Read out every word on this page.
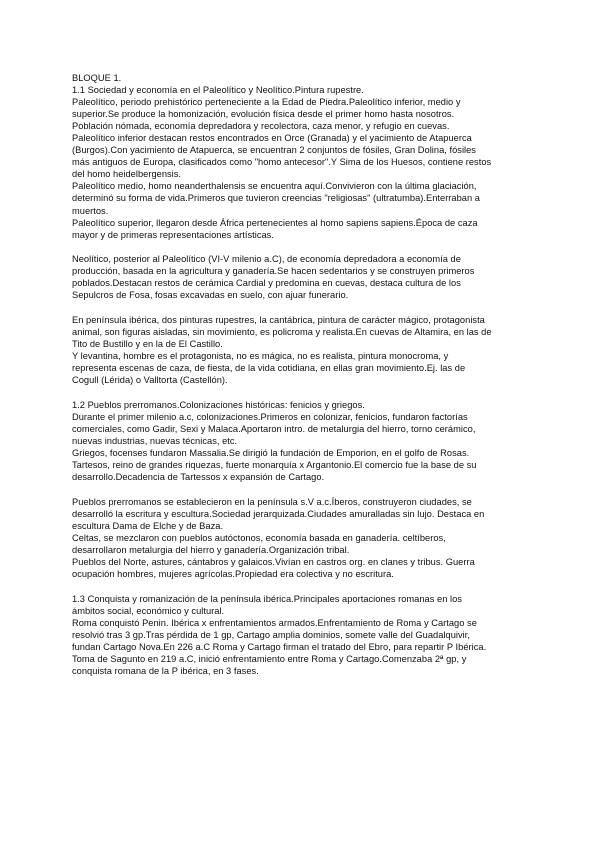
BLOQUE 1.
1.1 Sociedad y economía en el Paleolítico y Neolítico.Pintura rupestre.
Paleolítico, periodo prehistórico perteneciente a la Edad de Piedra.Paleolítico inferior, medio y
superior.Se produce la homonización, evolución física desde el primer homo hasta nosotros.
Población nómada, economía depredadora y recolectora, caza menor, y refugio en cuevas.
Paleolítico inferior destacan restos encontrados en Orce (Granada) y el yacimiento de Atapuerca
(Burgos).Con yacimiento de Atapuerca, se encuentran 2 conjuntos de fósiles, Gran Dolina, fósiles
más antiguos de Europa, clasificados como "homo antecesor".Y Sima de los Huesos, contiene restos
del homo heidelbergensis.
Paleolítico medio, homo neanderthalensis se encuentra aquí.Convivieron con la última glaciación,
determinó su forma de vida.Primeros que tuvieron creencias "religiosas" (ultratumba).Enterraban a
muertos.
Paleolítico superior, llegaron desde África pertenecientes al homo sapiens sapiens.Época de caza
mayor y de primeras representaciones artísticas.
Neolítico, posterior al Paleolítico (VI-V milenio a.C), de economía depredadora a economía de
producción, basada en la agricultura y ganadería.Se hacen sedentarios y se construyen primeros
poblados.Destacan restos de cerámica Cardial y predomina en cuevas, destaca cultura de los
Sepulcros de Fosa, fosas excavadas en suelo, con ajuar funerario.
En península ibérica, dos pinturas rupestres, la cantábrica, pintura de carácter mágico, protagonista
animal, son figuras aisladas, sin movimiento, es policroma y realista.En cuevas de Altamira, en las de
Tito de Bustillo y en la de El Castillo.
Y levantina, hombre es el protagonista, no es mágica, no es realista, pintura monocroma, y
representa escenas de caza, de fiesta, de la vida cotidiana, en ellas gran movimiento.Ej. las de
Cogull (Lérida) o Valltorta (Castellón).
1.2 Pueblos prerromanos.Colonizaciones históricas: fenicios y griegos.
Durante el primer milenio a.c, colonizaciones.Primeros en colonizar, fenicios, fundaron factorías
comerciales, como Gadir, Sexi y Malaca.Aportaron intro. de metalurgia del hierro, torno cerámico,
nuevas industrias, nuevas técnicas, etc.
Griegos, focenses fundaron Massalia.Se dirigió la fundación de Emporion, en el golfo de Rosas.
Tartesos, reino de grandes riquezas, fuerte monarquía x Argantonio.El comercio fue la base de su
desarrollo.Decadencia de Tartessos x expansión de Cartago.
Pueblos prerromanos se establecieron en la península s.V a.c.Íberos, construyeron ciudades, se
desarrolló la escritura y escultura.Sociedad jerarquizada.Ciudades amuralladas sin lujo. Destaca en
escultura Dama de Elche y de Baza.
Celtas, se mezclaron con pueblos autóctonos, economía basada en ganadería. celtíberos,
desarrollaron metalurgia del hierro y ganadería.Organización tribal.
Pueblos del Norte, astures, cántabros y galaicos.Vivían en castros org. en clanes y tribus. Guerra
ocupación hombres, mujeres agrícolas.Propiedad era colectiva y no escritura.
1.3 Conquista y romanización de la península ibérica.Principales aportaciones romanas en los
ámbitos social, económico y cultural.
Roma conquistó Penin. Ibérica x enfrentamientos armados.Enfrentamiento de Roma y Cartago se
resolvió tras 3 gp.Tras pérdida de 1 gp, Cartago amplia dominios, somete valle del Guadalquivir,
fundan Cartago Nova.En 226 a.C Roma y Cartago firman el tratado del Ebro, para repartir P Ibérica.
Toma de Sagunto en 219 a.C, inició enfrentamiento entre Roma y Cartago.Comenzaba 2ª gp, y
conquista romana de la P ibérica, en 3 fases.
